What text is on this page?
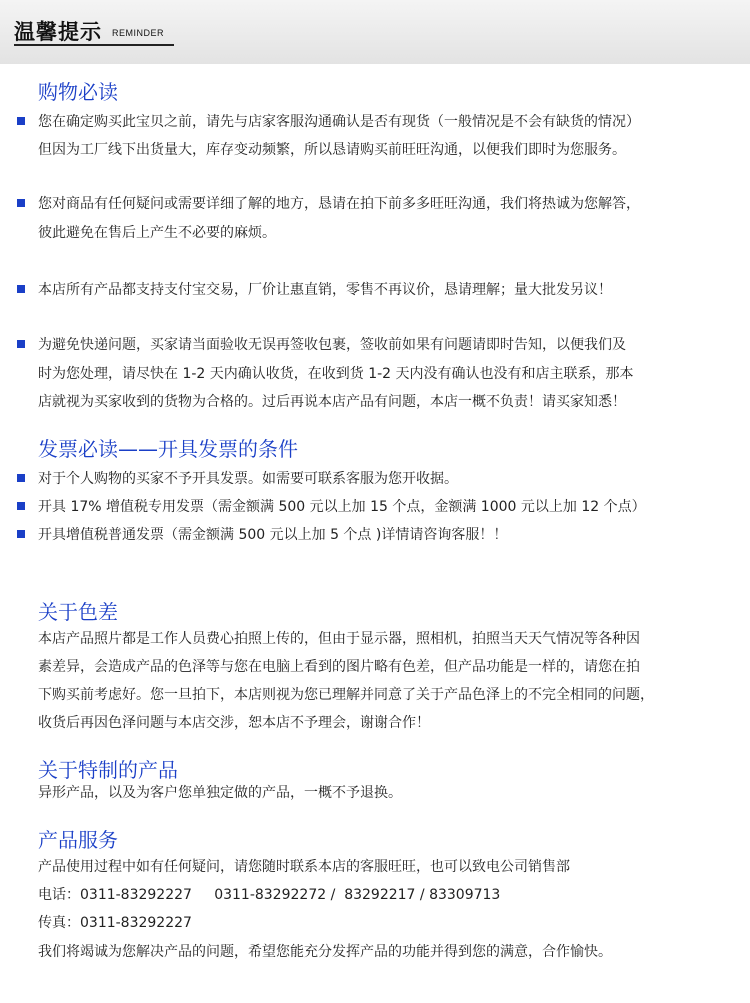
温馨提示 REMINDER
购物必读
您在确定购买此宝贝之前，请先与店家客服沟通确认是否有现货（一般情况是不会有缺货的情况）
但因为工厂线下出货量大，库存变动频繁，所以恳请购买前旺旺沟通，以便我们即时为您服务。
您对商品有任何疑问或需要详细了解的地方，恳请在拍下前多多旺旺沟通，我们将热诚为您解答，
彼此避免在售后上产生不必要的麻烦。
本店所有产品都支持支付宝交易，厂价让惠直销，零售不再议价，恳请理解；量大批发另议！
为避免快递问题，买家请当面验收无误再签收包裹，签收前如果有问题请即时告知，以便我们及
时为您处理，请尽快在 1-2 天内确认收货，在收到货 1-2 天内没有确认也没有和店主联系，那本
店就视为买家收到的货物为合格的。过后再说本店产品有问题，本店一概不负责！请买家知悉！
发票必读——开具发票的条件
对于个人购物的买家不予开具发票。如需要可联系客服为您开收据。
开具 17% 增值税专用发票（需金额满 500 元以上加 15 个点，金额满 1000 元以上加 12 个点）
开具增值税普通发票（需金额满 500 元以上加 5 个点 )详情请咨询客服！！
关于色差
本店产品照片都是工作人员费心拍照上传的，但由于显示器，照相机，拍照当天天气情况等各种因
素差异，会造成产品的色泽等与您在电脑上看到的图片略有色差，但产品功能是一样的，请您在拍
下购买前考虑好。您一旦拍下，本店则视为您已理解并同意了关于产品色泽上的不完全相同的问题，
收货后再因色泽问题与本店交涉，恕本店不予理会，谢谢合作！
关于特制的产品
异形产品，以及为客户您单独定做的产品，一概不予退换。
产品服务
产品使用过程中如有任何疑问，请您随时联系本店的客服旺旺，也可以致电公司销售部
电话：0311-83292227     0311-83292272 /  83292217 / 83309713
传真：0311-83292227
我们将竭诚为您解决产品的问题，希望您能充分发挥产品的功能并得到您的满意，合作愉快。
